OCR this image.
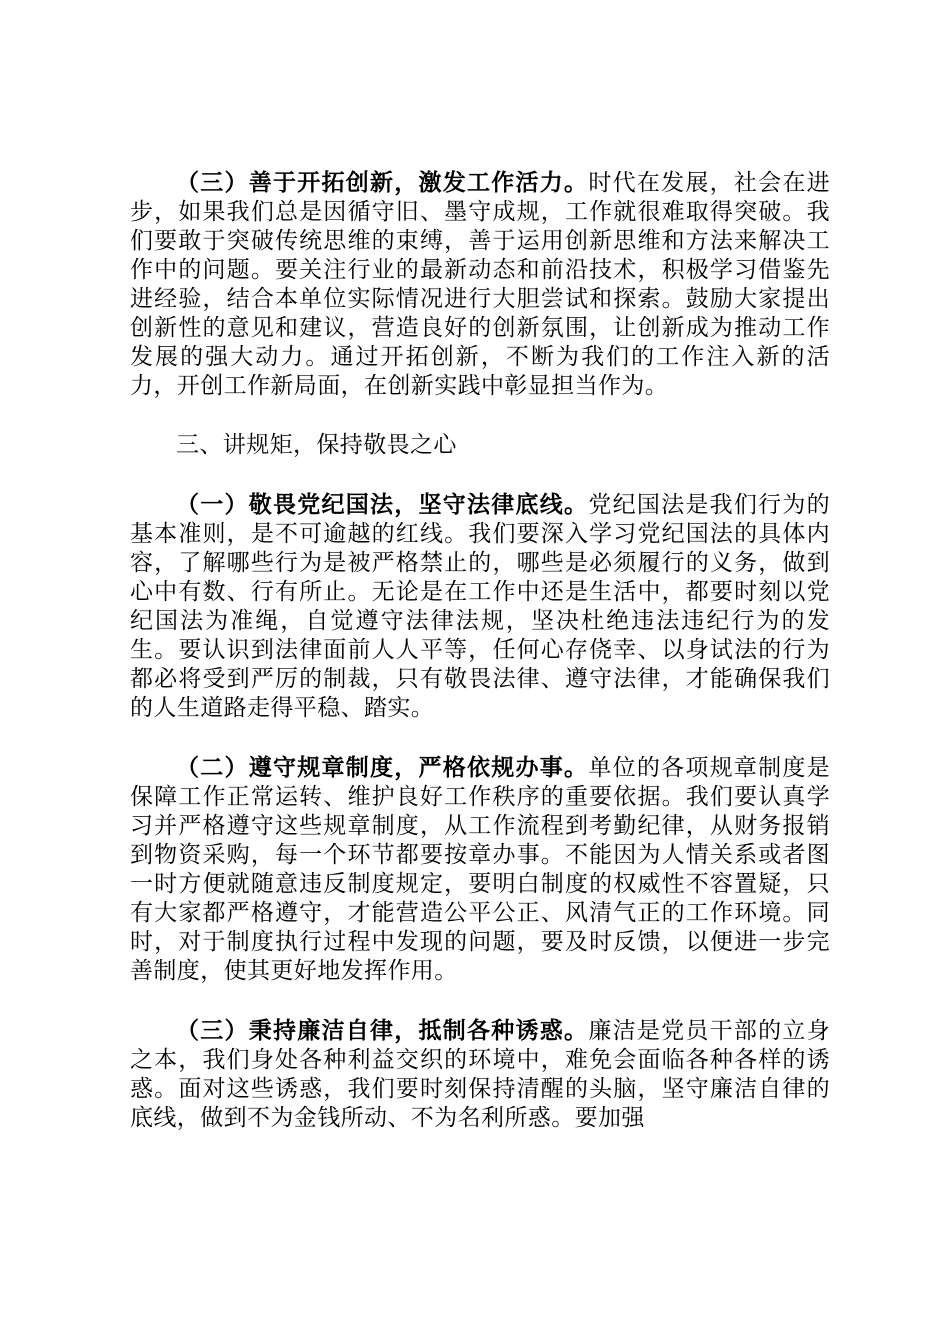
（三）善于开拓创新，激发工作活力。时代在发展，社会在进步，如果我们总是因循守旧、墨守成规，工作就很难取得突破。我们要敢于突破传统思维的束缚，善于运用创新思维和方法来解决工作中的问题。要关注行业的最新动态和前沿技术，积极学习借鉴先进经验，结合本单位实际情况进行大胆尝试和探索。鼓励大家提出创新性的意见和建议，营造良好的创新氛围，让创新成为推动工作发展的强大动力。通过开拓创新，不断为我们的工作注入新的活力，开创工作新局面，在创新实践中彰显担当作为。

三、讲规矩，保持敬畏之心

（一）敬畏党纪国法，坚守法律底线。党纪国法是我们行为的基本准则，是不可逾越的红线。我们要深入学习党纪国法的具体内容，了解哪些行为是被严格禁止的，哪些是必须履行的义务，做到心中有数、行有所止。无论是在工作中还是生活中，都要时刻以党纪国法为准绳，自觉遵守法律法规，坚决杜绝违法违纪行为的发生。要认识到法律面前人人平等，任何心存侥幸、以身试法的行为都必将受到严厉的制裁，只有敬畏法律、遵守法律，才能确保我们的人生道路走得平稳、踏实。

（二）遵守规章制度，严格依规办事。单位的各项规章制度是保障工作正常运转、维护良好工作秩序的重要依据。我们要认真学习并严格遵守这些规章制度，从工作流程到考勤纪律，从财务报销到物资采购，每一个环节都要按章办事。不能因为人情关系或者图一时方便就随意违反制度规定，要明白制度的权威性不容置疑，只有大家都严格遵守，才能营造公平公正、风清气正的工作环境。同时，对于制度执行过程中发现的问题，要及时反馈，以便进一步完善制度，使其更好地发挥作用。

（三）秉持廉洁自律，抵制各种诱惑。廉洁是党员干部的立身之本，我们身处各种利益交织的环境中，难免会面临各种各样的诱惑。面对这些诱惑，我们要时刻保持清醒的头脑，坚守廉洁自律的底线，做到不为金钱所动、不为名利所惑。要加强
